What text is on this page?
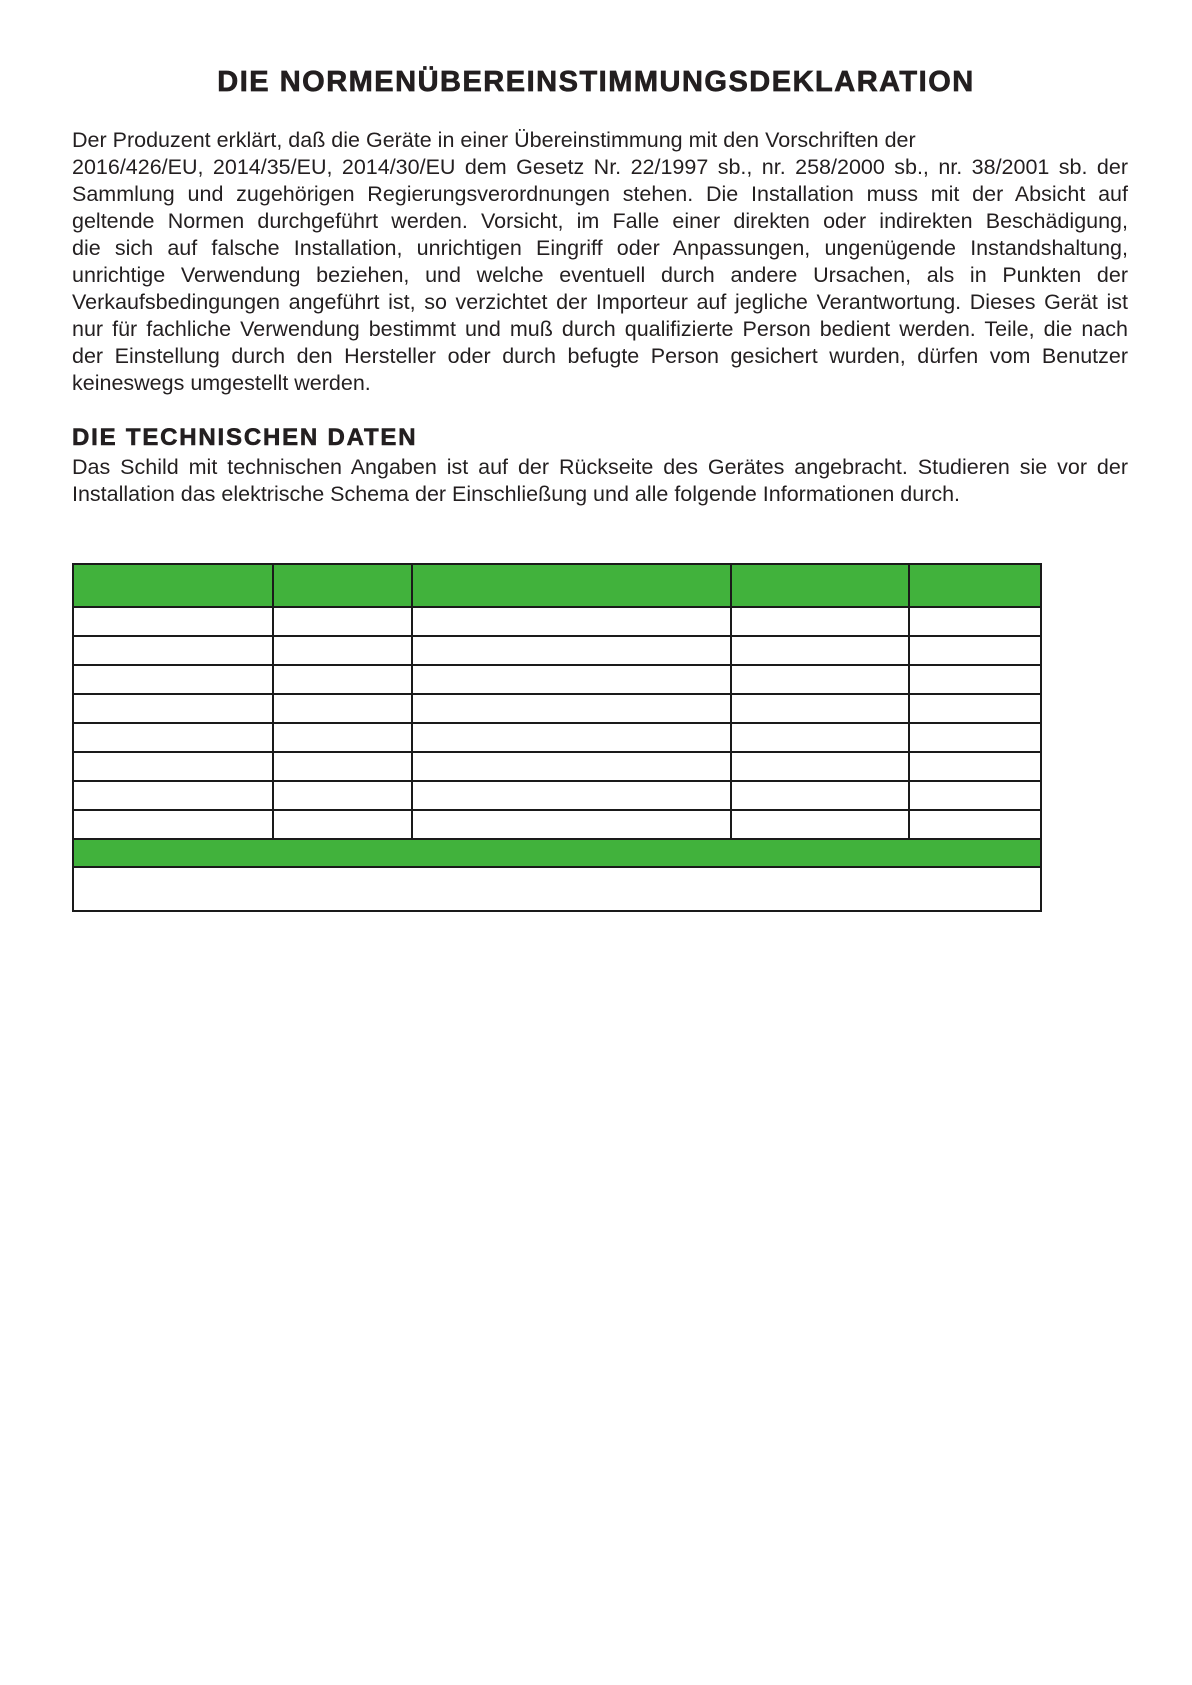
DIE NORMENÜBEREINSTIMMUNGSDEKLARATION
Der Produzent erklärt, daß die Geräte in einer Übereinstimmung mit den Vorschriften der
2016/426/EU, 2014/35/EU, 2014/30/EU dem Gesetz Nr. 22/1997 sb., nr. 258/2000 sb., nr. 38/2001 sb. der
Sammlung und zugehörigen Regierungsverordnungen stehen. Die Installation muss mit der Absicht auf
geltende Normen durchgeführt werden. Vorsicht, im Falle einer direkten oder indirekten Beschädigung,
die sich auf falsche Installation, unrichtigen Eingriff oder Anpassungen, ungenügende Instandshaltung,
unrichtige Verwendung beziehen, und welche eventuell durch andere Ursachen, als in Punkten der
Verkaufsbedingungen angeführt ist, so verzichtet der Importeur auf jegliche Verantwortung. Dieses Gerät ist
nur für fachliche Verwendung bestimmt und muß durch qualifizierte Person bedient werden. Teile, die nach
der Einstellung durch den Hersteller oder durch befugte Person gesichert wurden, dürfen vom Benutzer
keineswegs umgestellt werden.
DIE TECHNISCHEN DATEN
Das Schild mit technischen Angaben ist auf der Rückseite des Gerätes angebracht. Studieren sie vor der
Installation das elektrische Schema der Einschließung und alle folgende Informationen durch.
